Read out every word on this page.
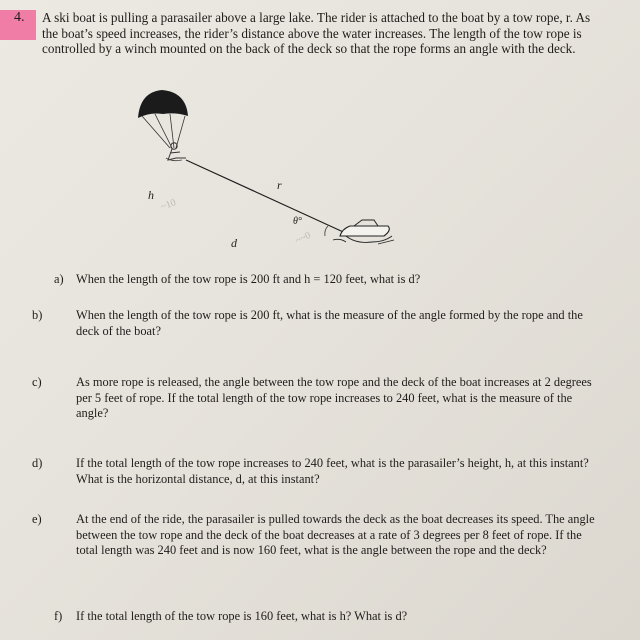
4. A ski boat is pulling a parasailer above a large lake. The rider is attached to the boat by a tow rope, r. As the boat’s speed increases, the rider’s distance above the water increases. The length of the tow rope is controlled by a winch mounted on the back of the deck so that the rope forms an angle with the deck.

~10
~~0
h
r
θ°
d

a) When the length of the tow rope is 200 ft and h = 120 feet, what is d?

b)	When the length of the tow rope is 200 ft, what is the measure of the angle formed by the rope and the deck of the boat?

c)	As more rope is released, the angle between the tow rope and the deck of the boat increases at 2 degrees per 5 feet of rope. If the total length of the tow rope increases to 240 feet, what is the measure of the angle?

d)	If the total length of the tow rope increases to 240 feet, what is the parasailer’s height, h, at this instant? What is the horizontal distance, d, at this instant?

e)	At the end of the ride, the parasailer is pulled towards the deck as the boat decreases its speed. The angle between the tow rope and the deck of the boat decreases at a rate of 3 degrees per 8 feet of rope. If the total length was 240 feet and is now 160 feet, what is the angle between the rope and the deck?

f) If the total length of the tow rope is 160 feet, what is h? What is d?
